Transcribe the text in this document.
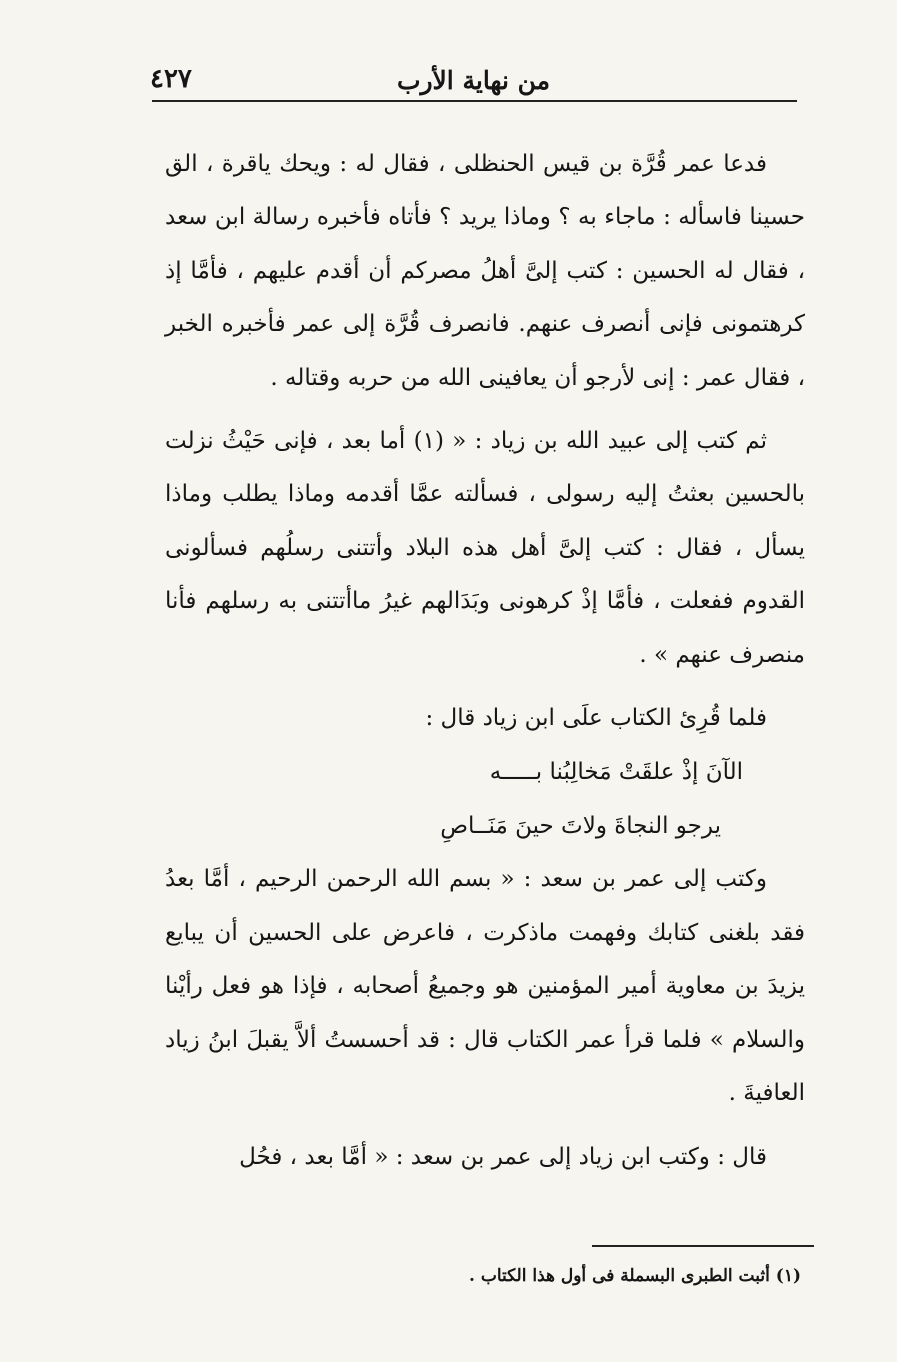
من نهاية الأرب
٤٢٧

فدعا عمر قُرَّة بن قيس الحنظلى ، فقال له : ويحك ياقرة ، الق حسينا فاسأله : ماجاء به ؟ وماذا يريد ؟ فأتاه فأخبره رسالة ابن سعد ، فقال له الحسين : كتب إلىَّ أهلُ مصركم أن أقدم عليهم ، فأمَّا إذ كرهتمونى فإنى أنصرف عنهم. فانصرف قُرَّة إلى عمر فأخبره الخبر ، فقال عمر : إنى لأرجو أن يعافينى الله من حربه وقتاله .

ثم كتب إلى عبيد الله بن زياد : « (١) أما بعد ، فإنى حَيْثُ نزلت بالحسين بعثتُ إليه رسولى ، فسألته عمَّا أقدمه وماذا يطلب وماذا يسأل ، فقال : كتب إلىَّ أهل هذه البلاد وأتتنى رسلُهم فسألونى القدوم ففعلت ، فأمَّا إذْ كرهونى وبَدَالهم غيرُ ماأتتنى به رسلهم فأنا منصرف عنهم » .

فلما قُرِئ الكتاب علَى ابن زياد قال :

الآنَ إذْ علقَتْ مَخالِبُنا بـــــه

يرجو النجاةَ ولاتَ حينَ مَنَــاصِ

وكتب إلى عمر بن سعد : « بسم الله الرحمن الرحيم ، أمَّا بعدُ فقد بلغنى كتابك وفهمت ماذكرت ، فاعرض على الحسين أن يبايع يزيدَ بن معاوية أمير المؤمنين هو وجميعُ أصحابه ، فإذا هو فعل رأيْنا والسلام » فلما قرأ عمر الكتاب قال : قد أحسستُ ألاَّ يقبلَ ابنُ زياد العافيةَ .

قال : وكتب ابن زياد إلى عمر بن سعد : « أمَّا بعد ، فحُل

(١) أثبت الطبرى البسملة فى أول هذا الكتاب .
